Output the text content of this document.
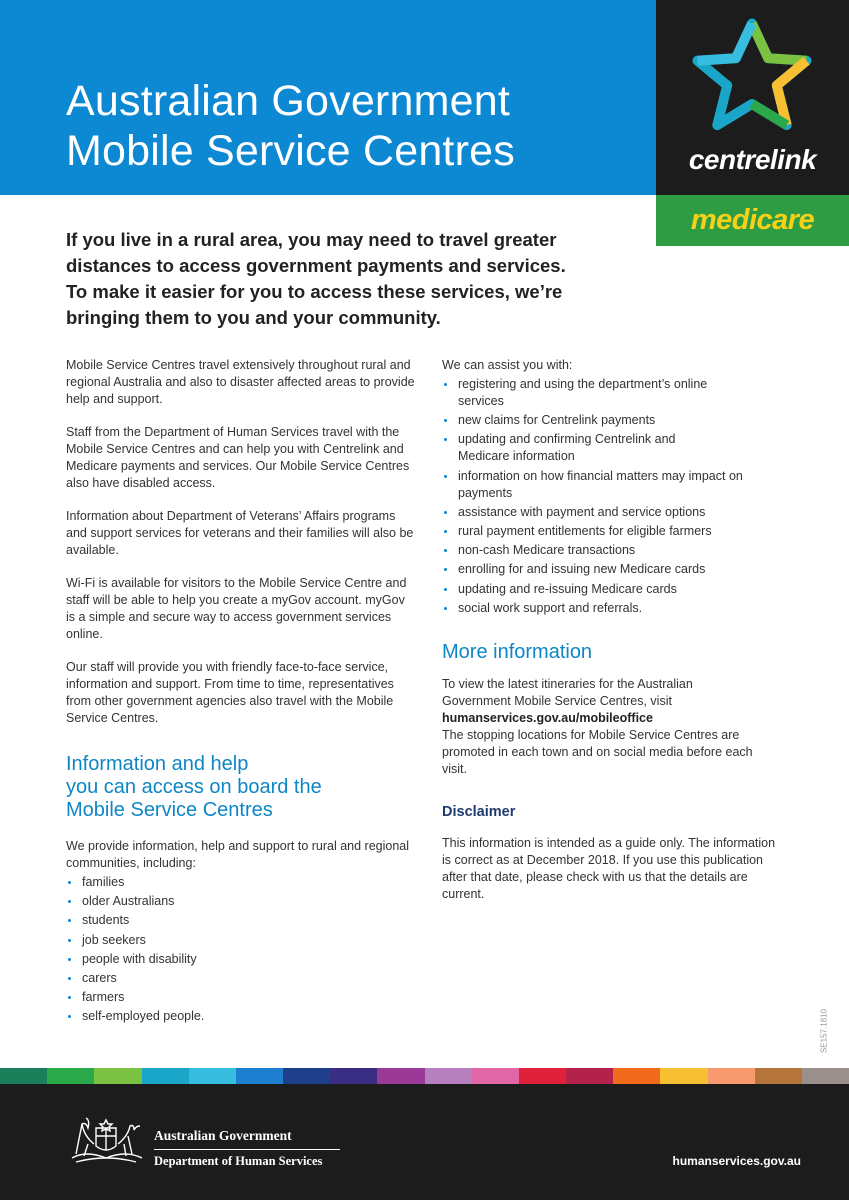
Australian Government
Mobile Service Centres	centrelink
medicare

If you live in a rural area, you may need to travel greater
distances to access government payments and services.
To make it easier for you to access these services, we’re
bringing them to you and your community.

Mobile Service Centres travel extensively throughout rural and regional Australia and also to disaster affected areas to provide help and support.

Staff from the Department of Human Services travel with the Mobile Service Centres and can help you with Centrelink and Medicare payments and services. Our Mobile Service Centres also have disabled access.

Information about Department of Veterans’ Affairs programs and support services for veterans and their families will also be available.

Wi-Fi is available for visitors to the Mobile Service Centre and staff will be able to help you create a myGov account. myGov is a simple and secure way to access government services online.

Our staff will provide you with friendly face-to-face service, information and support. From time to time, representatives from other government agencies also travel with the Mobile Service Centres.

Information and help
you can access on board the
Mobile Service Centres

We provide information, help and support to rural and regional communities, including:

families
older Australians
students
job seekers
people with disability
carers
farmers
self-employed people.

We can assist you with:

registering and using the department’s online services
new claims for Centrelink payments
updating and confirming Centrelink and Medicare information
information on how financial matters may impact on payments
assistance with payment and service options
rural payment entitlements for eligible farmers
non-cash Medicare transactions
enrolling for and issuing new Medicare cards
updating and re-issuing Medicare cards
social work support and referrals.
More information

To view the latest itineraries for the Australian Government Mobile Service Centres, visit

humanservices.gov.au/mobileoffice

The stopping locations for Mobile Service Centres are promoted in each town and on social media before each visit.

Disclaimer

This information is intended as a guide only. The information is correct as at December 2018. If you use this publication after that date, please check with us that the details are current.

SE157.1810
Australian Government
Department of Human Services	humanservices.gov.au
